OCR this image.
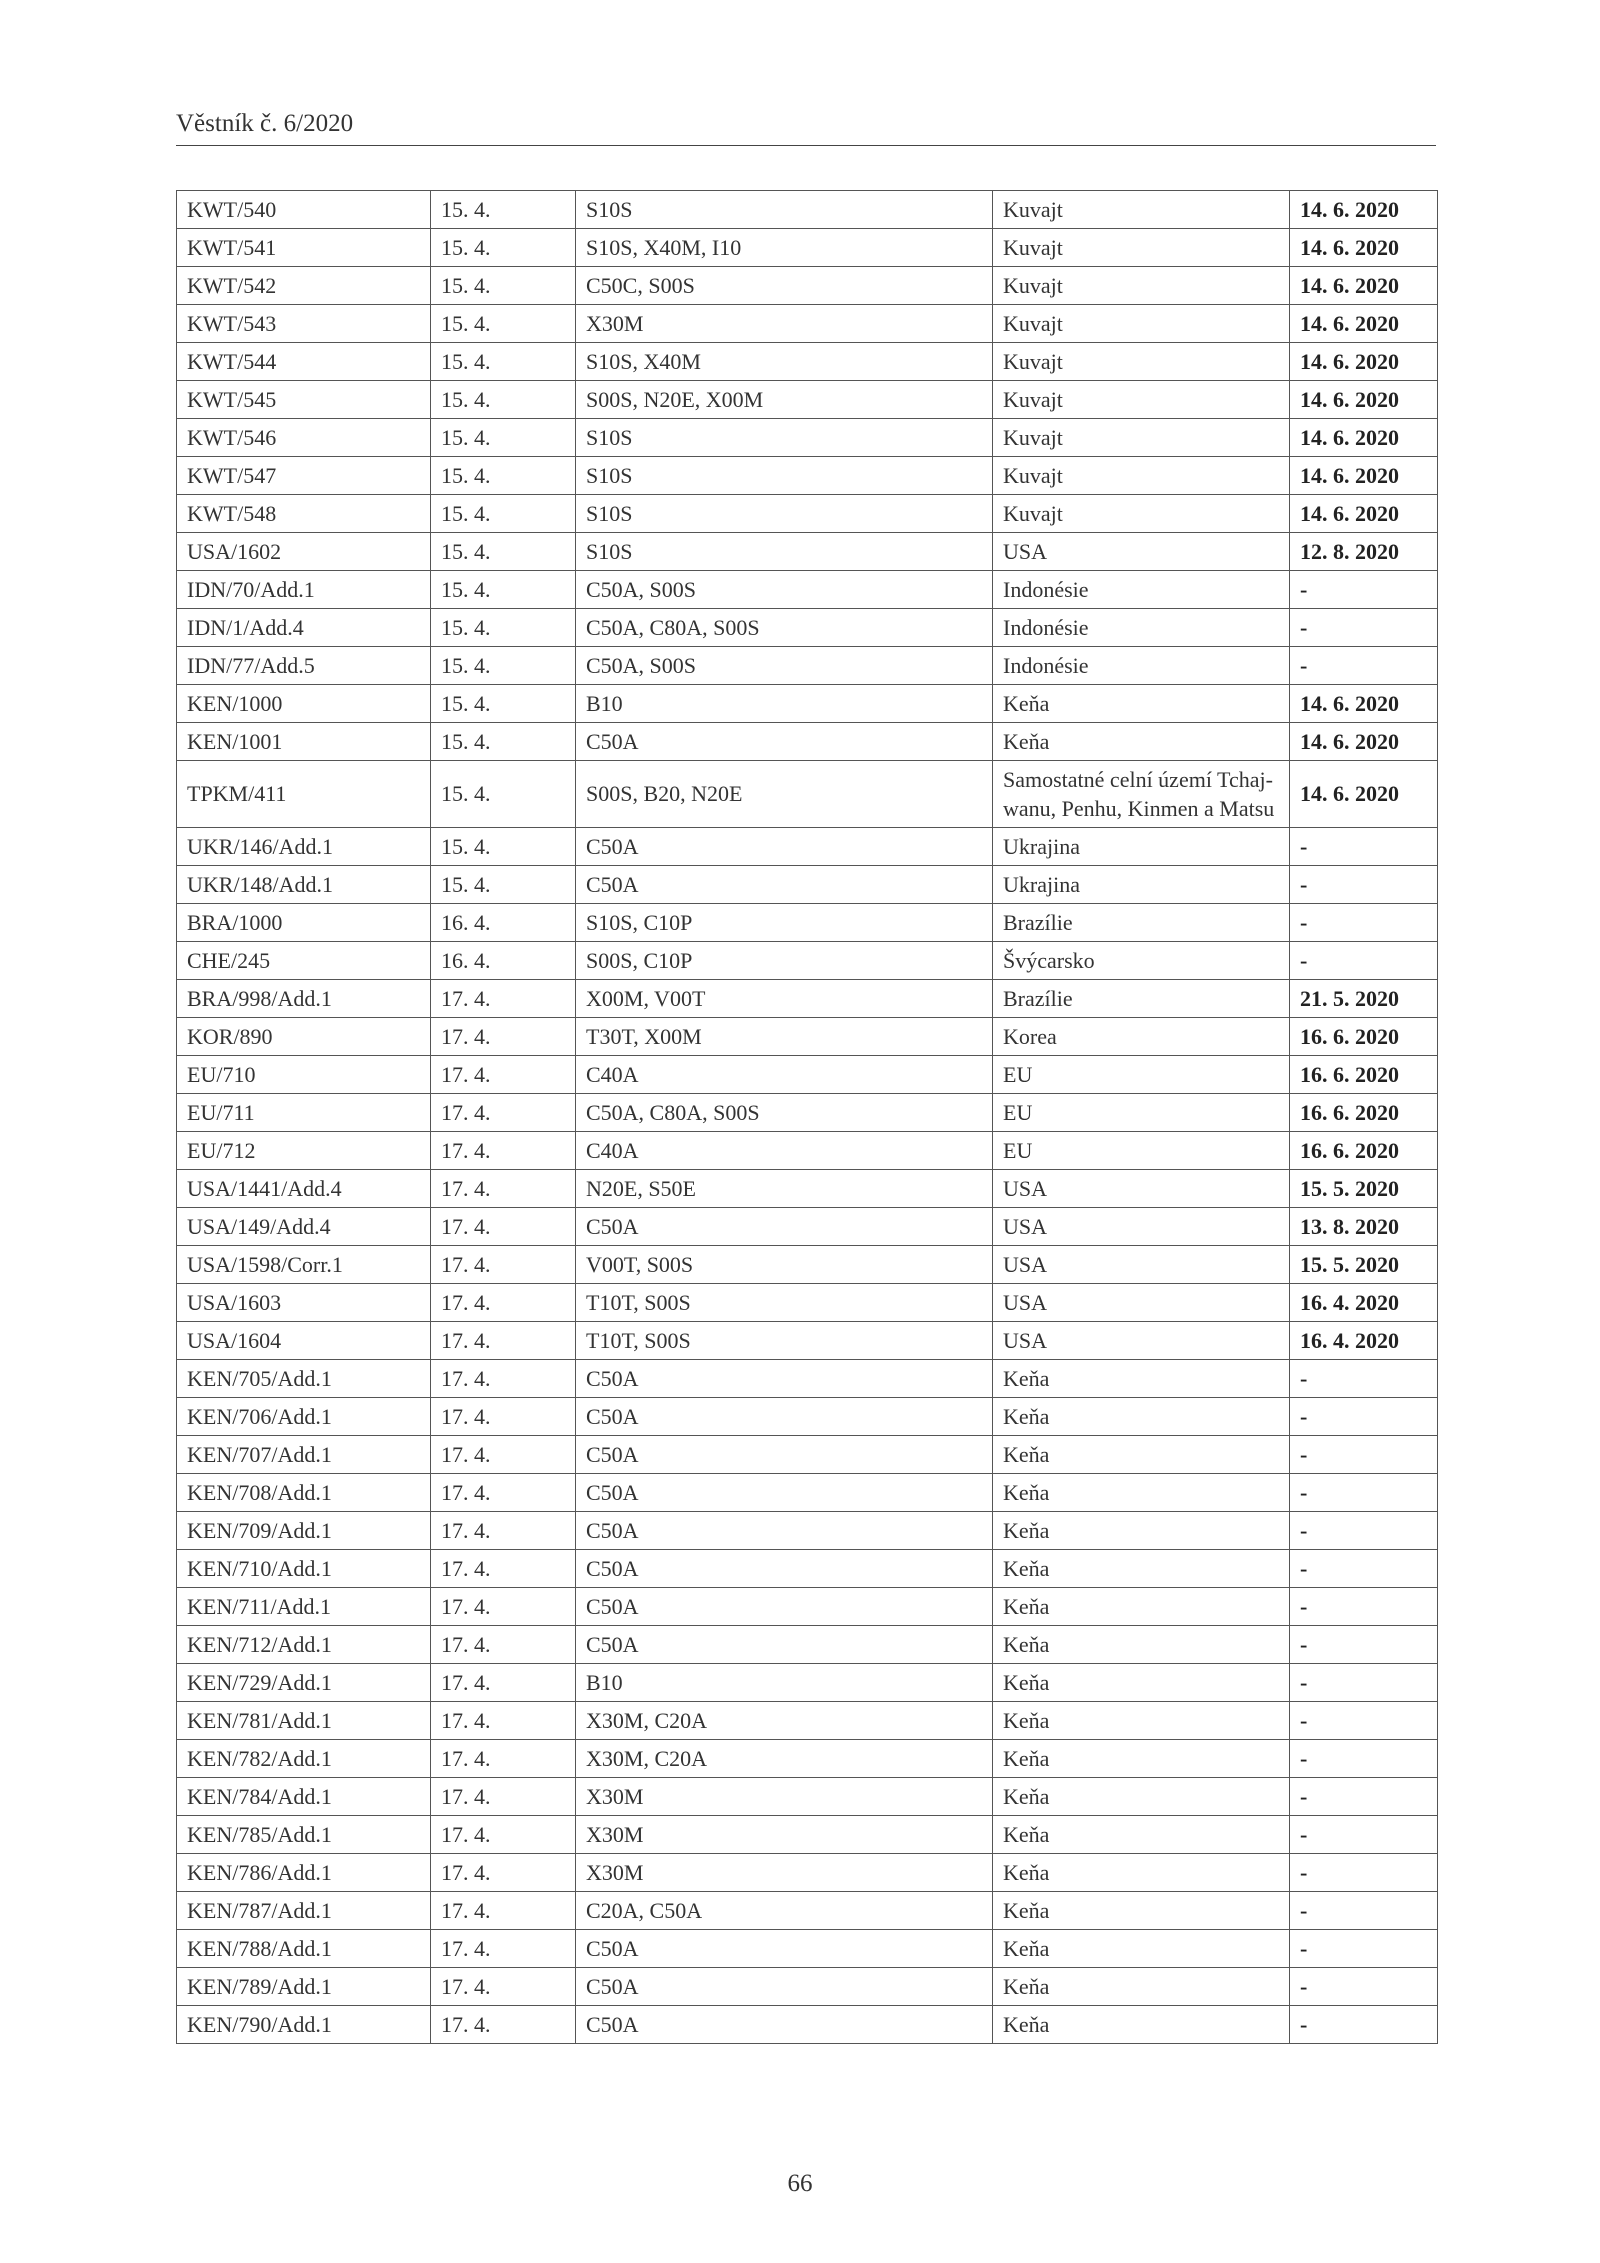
Věstník č. 6/2020
KWT/540	15. 4.	S10S	Kuvajt	14. 6. 2020
KWT/541	15. 4.	S10S, X40M, I10	Kuvajt	14. 6. 2020
KWT/542	15. 4.	C50C, S00S	Kuvajt	14. 6. 2020
KWT/543	15. 4.	X30M	Kuvajt	14. 6. 2020
KWT/544	15. 4.	S10S, X40M	Kuvajt	14. 6. 2020
KWT/545	15. 4.	S00S, N20E, X00M	Kuvajt	14. 6. 2020
KWT/546	15. 4.	S10S	Kuvajt	14. 6. 2020
KWT/547	15. 4.	S10S	Kuvajt	14. 6. 2020
KWT/548	15. 4.	S10S	Kuvajt	14. 6. 2020
USA/1602	15. 4.	S10S	USA	12. 8. 2020
IDN/70/Add.1	15. 4.	C50A, S00S	Indonésie	-
IDN/1/Add.4	15. 4.	C50A, C80A, S00S	Indonésie	-
IDN/77/Add.5	15. 4.	C50A, S00S	Indonésie	-
KEN/1000	15. 4.	B10	Keňa	14. 6. 2020
KEN/1001	15. 4.	C50A	Keňa	14. 6. 2020
TPKM/411	15. 4.	S00S, B20, N20E	Samostatné celní území Tchaj-wanu, Penhu, Kinmen a Matsu	14. 6. 2020
UKR/146/Add.1	15. 4.	C50A	Ukrajina	-
UKR/148/Add.1	15. 4.	C50A	Ukrajina	-
BRA/1000	16. 4.	S10S, C10P	Brazílie	-
CHE/245	16. 4.	S00S, C10P	Švýcarsko	-
BRA/998/Add.1	17. 4.	X00M, V00T	Brazílie	21. 5. 2020
KOR/890	17. 4.	T30T, X00M	Korea	16. 6. 2020
EU/710	17. 4.	C40A	EU	16. 6. 2020
EU/711	17. 4.	C50A, C80A, S00S	EU	16. 6. 2020
EU/712	17. 4.	C40A	EU	16. 6. 2020
USA/1441/Add.4	17. 4.	N20E, S50E	USA	15. 5. 2020
USA/149/Add.4	17. 4.	C50A	USA	13. 8. 2020
USA/1598/Corr.1	17. 4.	V00T, S00S	USA	15. 5. 2020
USA/1603	17. 4.	T10T, S00S	USA	16. 4. 2020
USA/1604	17. 4.	T10T, S00S	USA	16. 4. 2020
KEN/705/Add.1	17. 4.	C50A	Keňa	-
KEN/706/Add.1	17. 4.	C50A	Keňa	-
KEN/707/Add.1	17. 4.	C50A	Keňa	-
KEN/708/Add.1	17. 4.	C50A	Keňa	-
KEN/709/Add.1	17. 4.	C50A	Keňa	-
KEN/710/Add.1	17. 4.	C50A	Keňa	-
KEN/711/Add.1	17. 4.	C50A	Keňa	-
KEN/712/Add.1	17. 4.	C50A	Keňa	-
KEN/729/Add.1	17. 4.	B10	Keňa	-
KEN/781/Add.1	17. 4.	X30M, C20A	Keňa	-
KEN/782/Add.1	17. 4.	X30M, C20A	Keňa	-
KEN/784/Add.1	17. 4.	X30M	Keňa	-
KEN/785/Add.1	17. 4.	X30M	Keňa	-
KEN/786/Add.1	17. 4.	X30M	Keňa	-
KEN/787/Add.1	17. 4.	C20A, C50A	Keňa	-
KEN/788/Add.1	17. 4.	C50A	Keňa	-
KEN/789/Add.1	17. 4.	C50A	Keňa	-
KEN/790/Add.1	17. 4.	C50A	Keňa	-
66
